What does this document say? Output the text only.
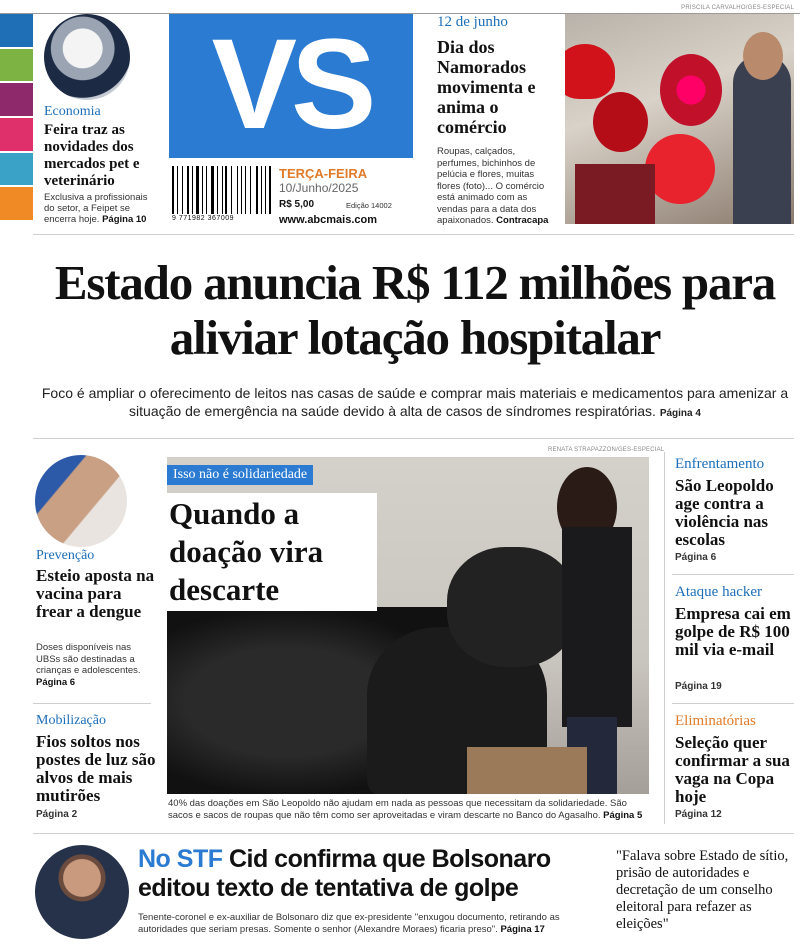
PRISCILA CARVALHO/GES-ESPECIAL
Economia
Feira traz as novidades dos mercados pet e veterinário
Exclusiva a profissionais do setor, a Feipet se encerra hoje. Página 10
VS
9 771982 367009
TERÇA-FEIRA
10/Junho/2025
R$ 5,00	Edição 14002
www.abcmais.com
12 de junho
Dia dos Namorados movimenta e anima o comércio
Roupas, calçados, perfumes, bichinhos de pelúcia e flores, muitas flores (foto)... O comércio está animado com as vendas para a data dos apaixonados. Contracapa
Estado anuncia R$ 112 milhões para aliviar lotação hospitalar
Foco é ampliar o oferecimento de leitos nas casas de saúde e comprar mais materiais e medicamentos para amenizar a situação de emergência na saúde devido à alta de casos de síndromes respiratórias. Página 4
RENATA STRAPAZZON/GES-ESPECIAL
Prevenção
Esteio aposta na vacina para frear a dengue
Doses disponíveis nas UBSs são destinadas a crianças e adolescentes. Página 6
Mobilização
Fios soltos nos postes de luz são alvos de mais mutirões
Página 2
Isso não é solidariedade
Quando a doação vira descarte
40% das doações em São Leopoldo não ajudam em nada as pessoas que necessitam da solidariedade. São sacos e sacos de roupas que não têm como ser aproveitadas e viram descarte no Banco do Agasalho. Página 5
Enfrentamento
São Leopoldo age contra a violência nas escolas
Página 6
Ataque hacker
Empresa cai em golpe de R$ 100 mil via e-mail
Página 19
Eliminatórias
Seleção quer confirmar a sua vaga na Copa hoje
Página 12
No STF Cid confirma que Bolsonaro editou texto de tentativa de golpe
Tenente-coronel e ex-auxiliar de Bolsonaro diz que ex-presidente "enxugou documento, retirando as autoridades que seriam presas. Somente o senhor (Alexandre Moraes) ficaria preso". Página 17
"Falava sobre Estado de sítio, prisão de autoridades e decretação de um conselho eleitoral para refazer as eleições"
